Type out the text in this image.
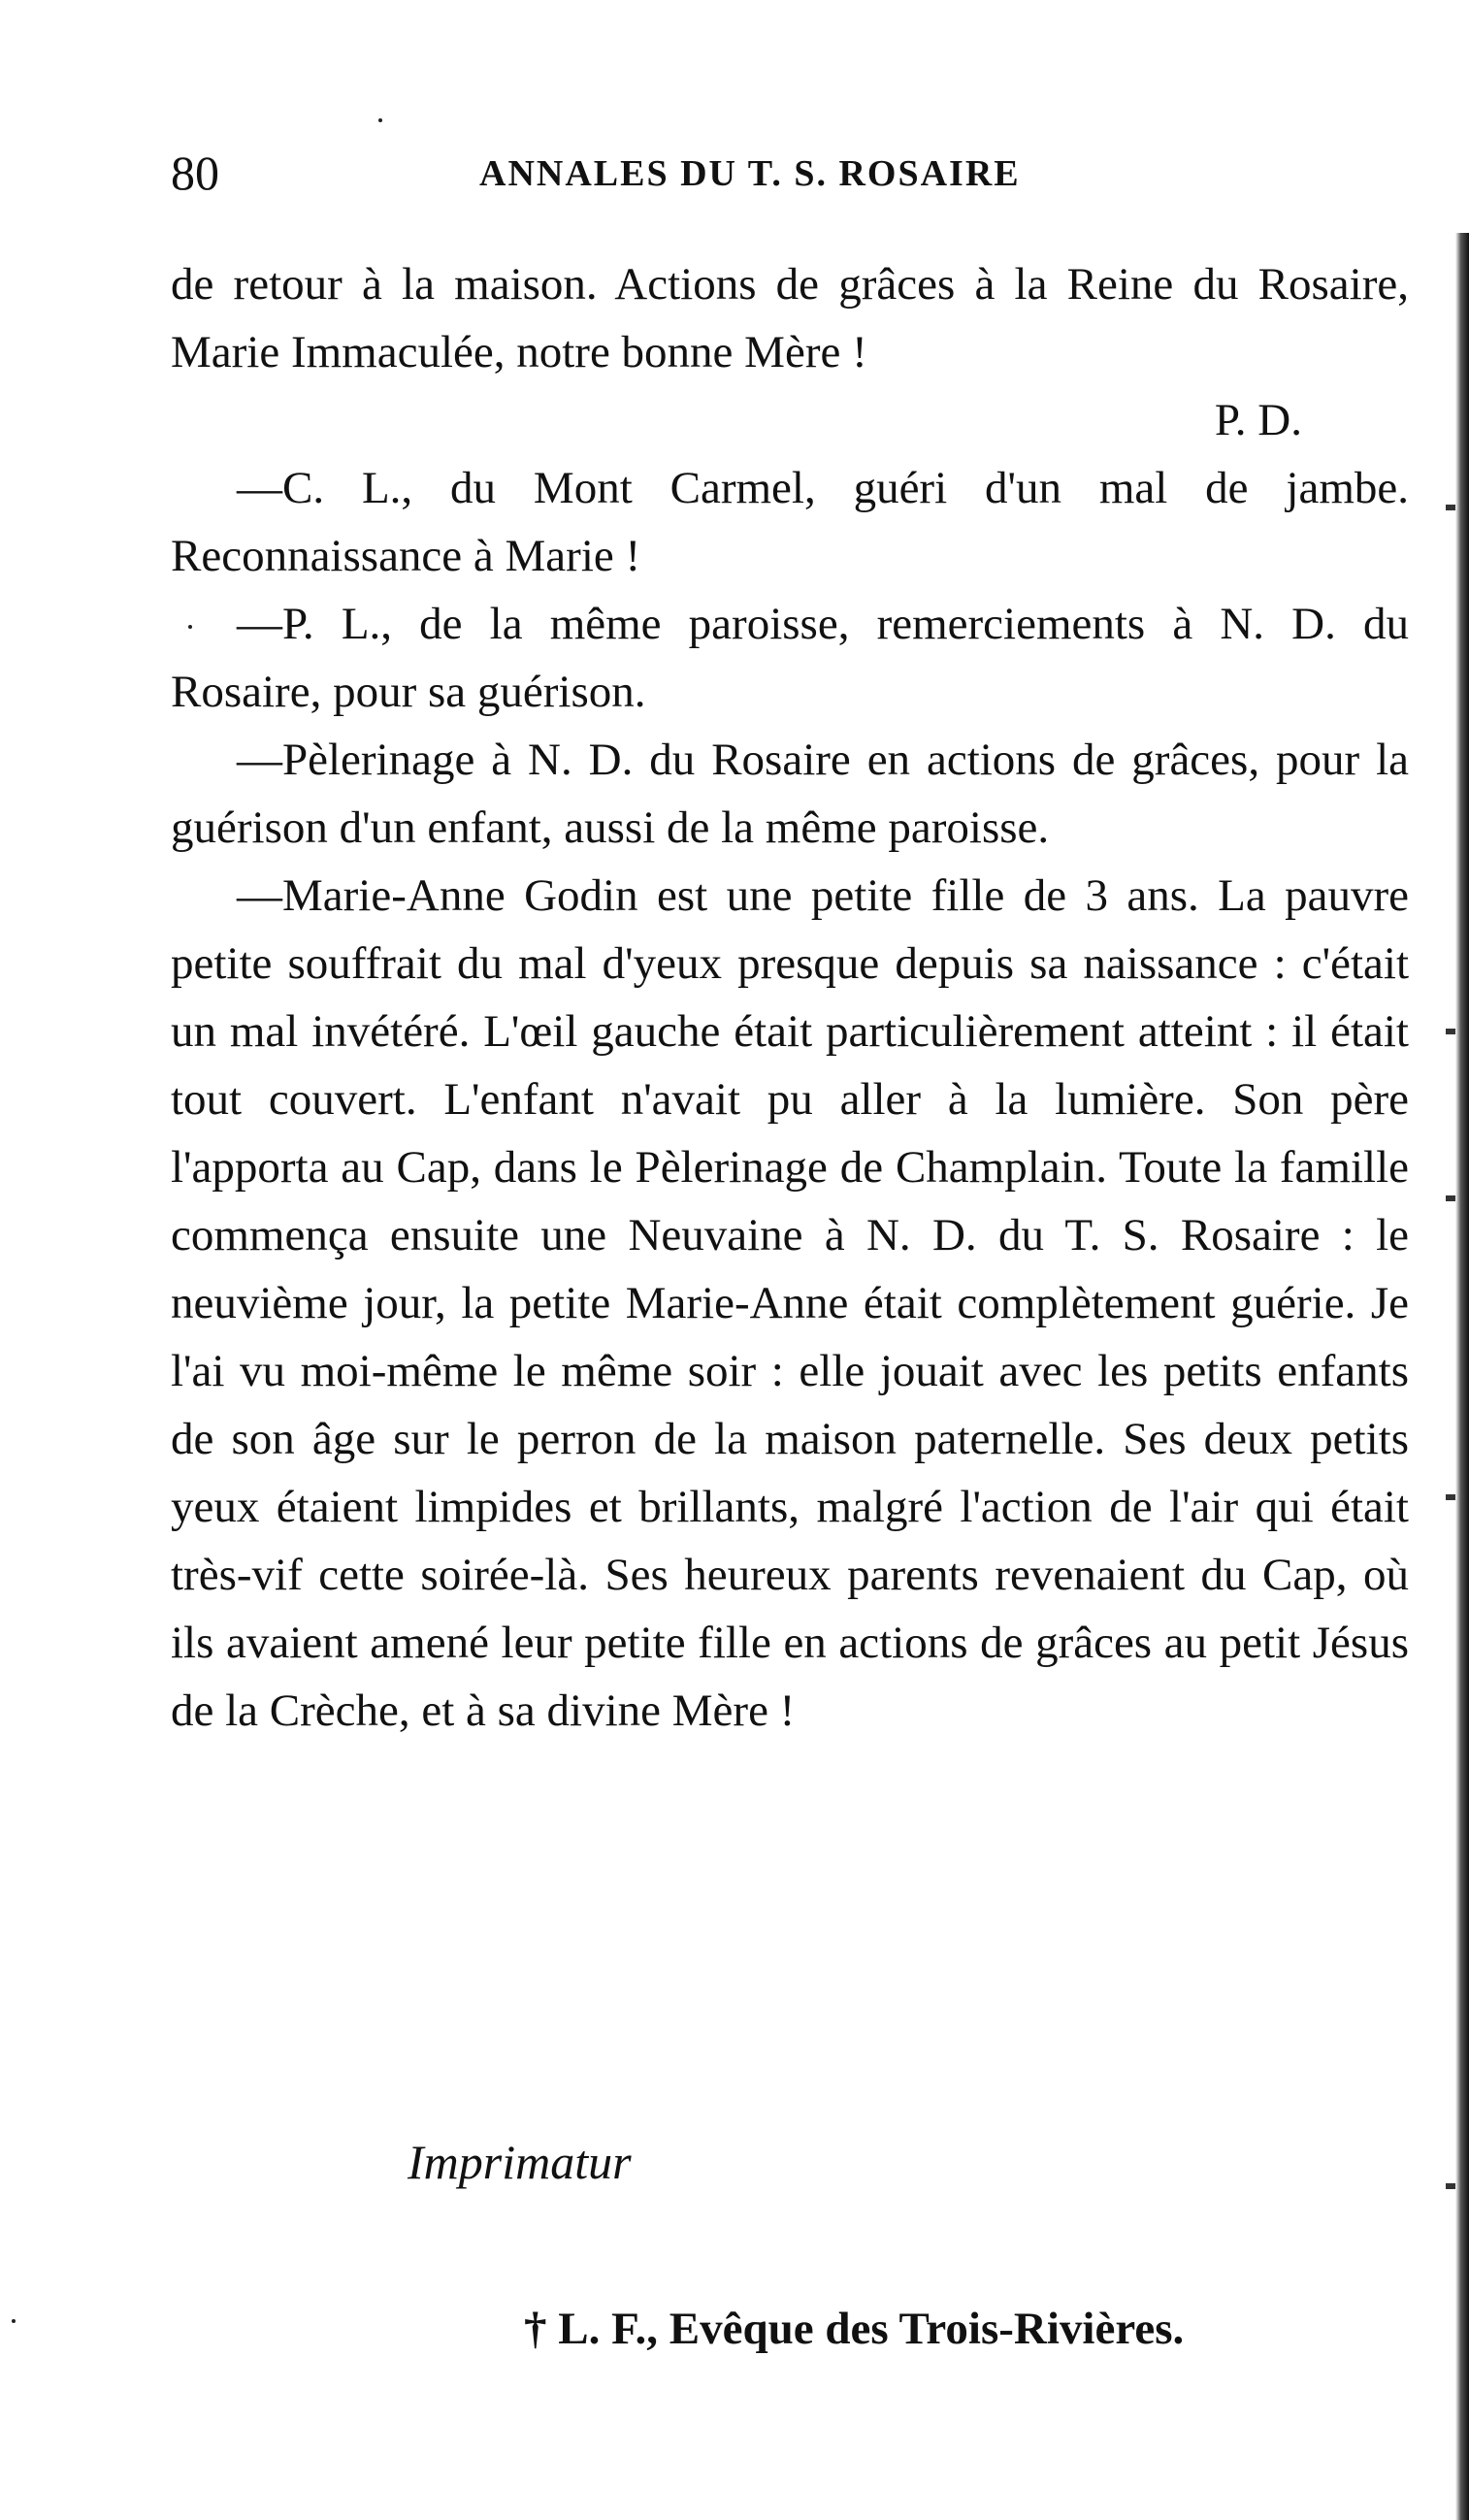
80	ANNALES DU T. S. ROSAIRE

de retour à la maison. Actions de grâces à la Reine du Rosaire, Marie Immaculée, notre bonne Mère !

P. D.

—C. L., du Mont Carmel, guéri d'un mal de jambe. Reconnaissance à Marie !

—P. L., de la même paroisse, remerciements à N. D. du Rosaire, pour sa guérison.

—Pèlerinage à N. D. du Rosaire en actions de grâces, pour la guérison d'un enfant, aussi de la même paroisse.

—Marie-Anne Godin est une petite fille de 3 ans. La pauvre petite souffrait du mal d'yeux presque depuis sa naissance : c'était un mal invétéré. L'œil gauche était particulièrement atteint : il était tout couvert. L'enfant n'avait pu aller à la lumière. Son père l'apporta au Cap, dans le Pèlerinage de Champlain. Toute la famille commença ensuite une Neuvaine à N. D. du T. S. Rosaire : le neuvième jour, la petite Marie-Anne était complètement guérie. Je l'ai vu moi-même le même soir : elle jouait avec les petits enfants de son âge sur le perron de la maison paternelle. Ses deux petits yeux étaient limpides et brillants, malgré l'action de l'air qui était très-vif cette soirée-là. Ses heureux parents revenaient du Cap, où ils avaient amené leur petite fille en actions de grâces au petit Jésus de la Crèche, et à sa divine Mère !

Imprimatur
† L. F., Evêque des Trois-Rivières.
